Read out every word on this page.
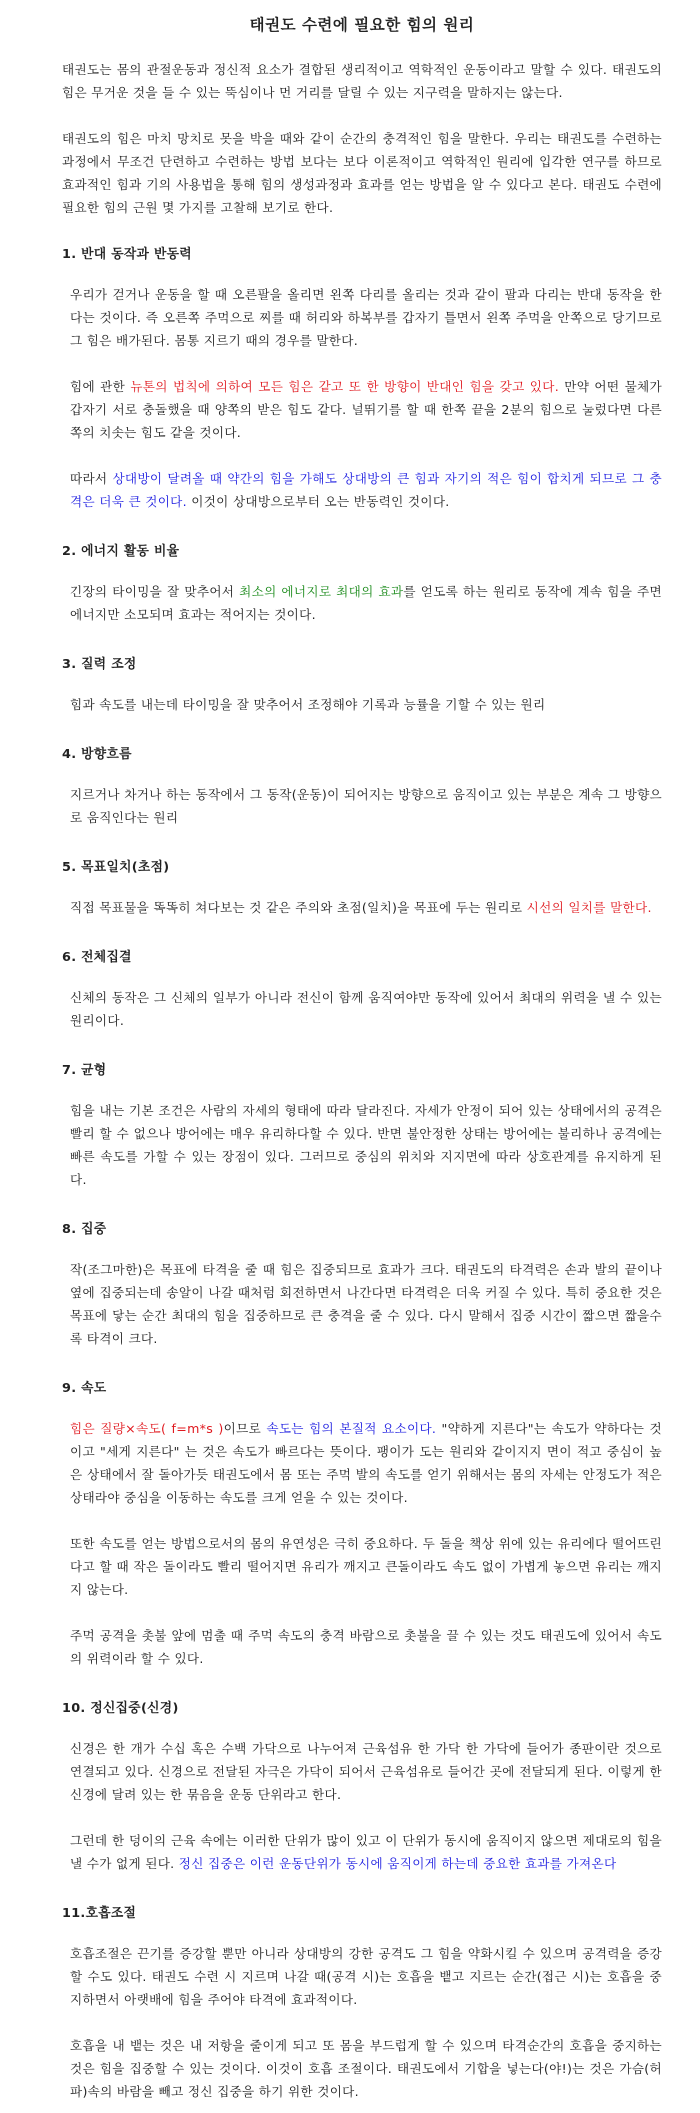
태권도 수련에 필요한 힘의 원리

태권도는 몸의 관절운동과 정신적 요소가 결합된 생리적이고 역학적인 운동이라고 말할 수 있다. 태권도의 힘은 무거운 것을 들 수 있는 뚝심이나 먼 거리를 달릴 수 있는 지구력을 말하지는 않는다.

태권도의 힘은 마치 망치로 못을 박을 때와 같이 순간의 충격적인 힘을 말한다. 우리는 태권도를 수련하는 과정에서 무조건 단련하고 수련하는 방법 보다는 보다 이론적이고 역학적인 원리에 입각한 연구를 하므로 효과적인 힘과 기의 사용법을 통해 힘의 생성과정과 효과를 얻는 방법을 알 수 있다고 본다. 태권도 수련에 필요한 힘의 근원 몇 가지를 고찰해 보기로 한다.

1. 반대 동작과 반동력

우리가 걷거나 운동을 할 때 오른팔을 올리면 왼쪽 다리를 올리는 것과 같이 팔과 다리는 반대 동작을 한다는 것이다. 즉 오른쪽 주먹으로 찌를 때 허리와 하복부를 갑자기 틀면서 왼쪽 주먹을 안쪽으로 당기므로 그 힘은 배가된다. 몸통 지르기 때의 경우를 말한다.

힘에 관한 뉴톤의 법칙에 의하여 모든 힘은 같고 또 한 방향이 반대인 힘을 갖고 있다. 만약 어떤 물체가 갑자기 서로 충돌했을 때 양쪽의 받은 힘도 같다. 널뛰기를 할 때 한쪽 끝을 2분의 힘으로 눌렀다면 다른 쪽의 치솟는 힘도 같을 것이다.

따라서 상대방이 달려올 때 약간의 힘을 가해도 상대방의 큰 힘과 자기의 적은 힘이 합치게 되므로 그 충격은 더욱 큰 것이다. 이것이 상대방으로부터 오는 반동력인 것이다.

2. 에너지 활동 비율

긴장의 타이밍을 잘 맞추어서 최소의 에너지로 최대의 효과를 얻도록 하는 원리로 동작에 계속 힘을 주면 에너지만 소모되며 효과는 적어지는 것이다.

3. 질력 조정

힘과 속도를 내는데 타이밍을 잘 맞추어서 조정해야 기록과 능률을 기할 수 있는 원리

4. 방향흐름

지르거나 차거나 하는 동작에서 그 동작(운동)이 되어지는 방향으로 움직이고 있는 부분은 계속 그 방향으로 움직인다는 원리

5. 목표일치(초점)

직접 목표물을 똑똑히 쳐다보는 것 같은 주의와 초점(일치)을 목표에 두는 원리로 시선의 일치를 말한다.

6. 전체집결

신체의 동작은 그 신체의 일부가 아니라 전신이 함께 움직여야만 동작에 있어서 최대의 위력을 낼 수 있는 원리이다.

7. 균형

힘을 내는 기본 조건은 사람의 자세의 형태에 따라 달라진다. 자세가 안정이 되어 있는 상태에서의 공격은 빨리 할 수 없으나 방어에는 매우 유리하다할 수 있다. 반면 불안정한 상태는 방어에는 불리하나 공격에는 빠른 속도를 가할 수 있는 장점이 있다. 그러므로 중심의 위치와 지지면에 따라 상호관계를 유지하게 된다.

8. 집중

작(조그마한)은 목표에 타격을 줄 때 힘은 집중되므로 효과가 크다. 태권도의 타격력은 손과 발의 끝이나 옆에 집중되는데 송알이 나갈 때처럼 회전하면서 나간다면 타격력은 더욱 커질 수 있다. 특히 중요한 것은 목표에 닿는 순간 최대의 힘을 집중하므로 큰 충격을 줄 수 있다. 다시 말해서 집중 시간이 짧으면 짧을수록 타격이 크다.

9. 속도

힘은 질량×속도( f=m*s )이므로 속도는 힘의 본질적 요소이다. "약하게 지른다"는 속도가 약하다는 것이고 "세게 지른다" 는 것은 속도가 빠르다는 뜻이다. 팽이가 도는 원리와 같이지지 면이 적고 중심이 높은 상태에서 잘 돌아가듯 태권도에서 몸 또는 주먹 발의 속도를 얻기 위해서는 몸의 자세는 안정도가 적은 상태라야 중심을 이동하는 속도를 크게 얻을 수 있는 것이다.

또한 속도를 얻는 방법으로서의 몸의 유연성은 극히 중요하다. 두 돌을 책상 위에 있는 유리에다 떨어뜨린다고 할 때 작은 돌이라도 빨리 떨어지면 유리가 깨지고 큰돌이라도 속도 없이 가볍게 놓으면 유리는 깨지지 않는다.

주먹 공격을 촛불 앞에 멈출 때 주먹 속도의 충격 바람으로 촛불을 끌 수 있는 것도 태권도에 있어서 속도의 위력이라 할 수 있다.

10. 정신집중(신경)

신경은 한 개가 수십 혹은 수백 가닥으로 나누어져 근육섬유 한 가닥 한 가닥에 들어가 종판이란 것으로 연결되고 있다. 신경으로 전달된 자극은 가닥이 되어서 근육섬유로 들어간 곳에 전달되게 된다. 이렇게 한 신경에 달려 있는 한 묶음을 운동 단위라고 한다.

그런데 한 덩이의 근육 속에는 이러한 단위가 많이 있고 이 단위가 동시에 움직이지 않으면 제대로의 힘을 낼 수가 없게 된다. 정신 집중은 이런 운동단위가 동시에 움직이게 하는데 중요한 효과를 가져온다

11.호흡조절

호흡조절은 끈기를 증강할 뿐만 아니라 상대방의 강한 공격도 그 힘을 약화시킬 수 있으며 공격력을 증강할 수도 있다. 태권도 수련 시 지르며 나갈 때(공격 시)는 호흡을 뱉고 지르는 순간(접근 시)는 호흡을 중지하면서 아랫배에 힘을 주어야 타격에 효과적이다.

호흡을 내 뱉는 것은 내 저항을 줄이게 되고 또 몸을 부드럽게 할 수 있으며 타격순간의 호흡을 중지하는 것은 힘을 집중할 수 있는 것이다. 이것이 호흡 조절이다. 태권도에서 기합을 넣는다(야!)는 것은 가슴(허파)속의 바람을 빼고 정신 집중을 하기 위한 것이다.
